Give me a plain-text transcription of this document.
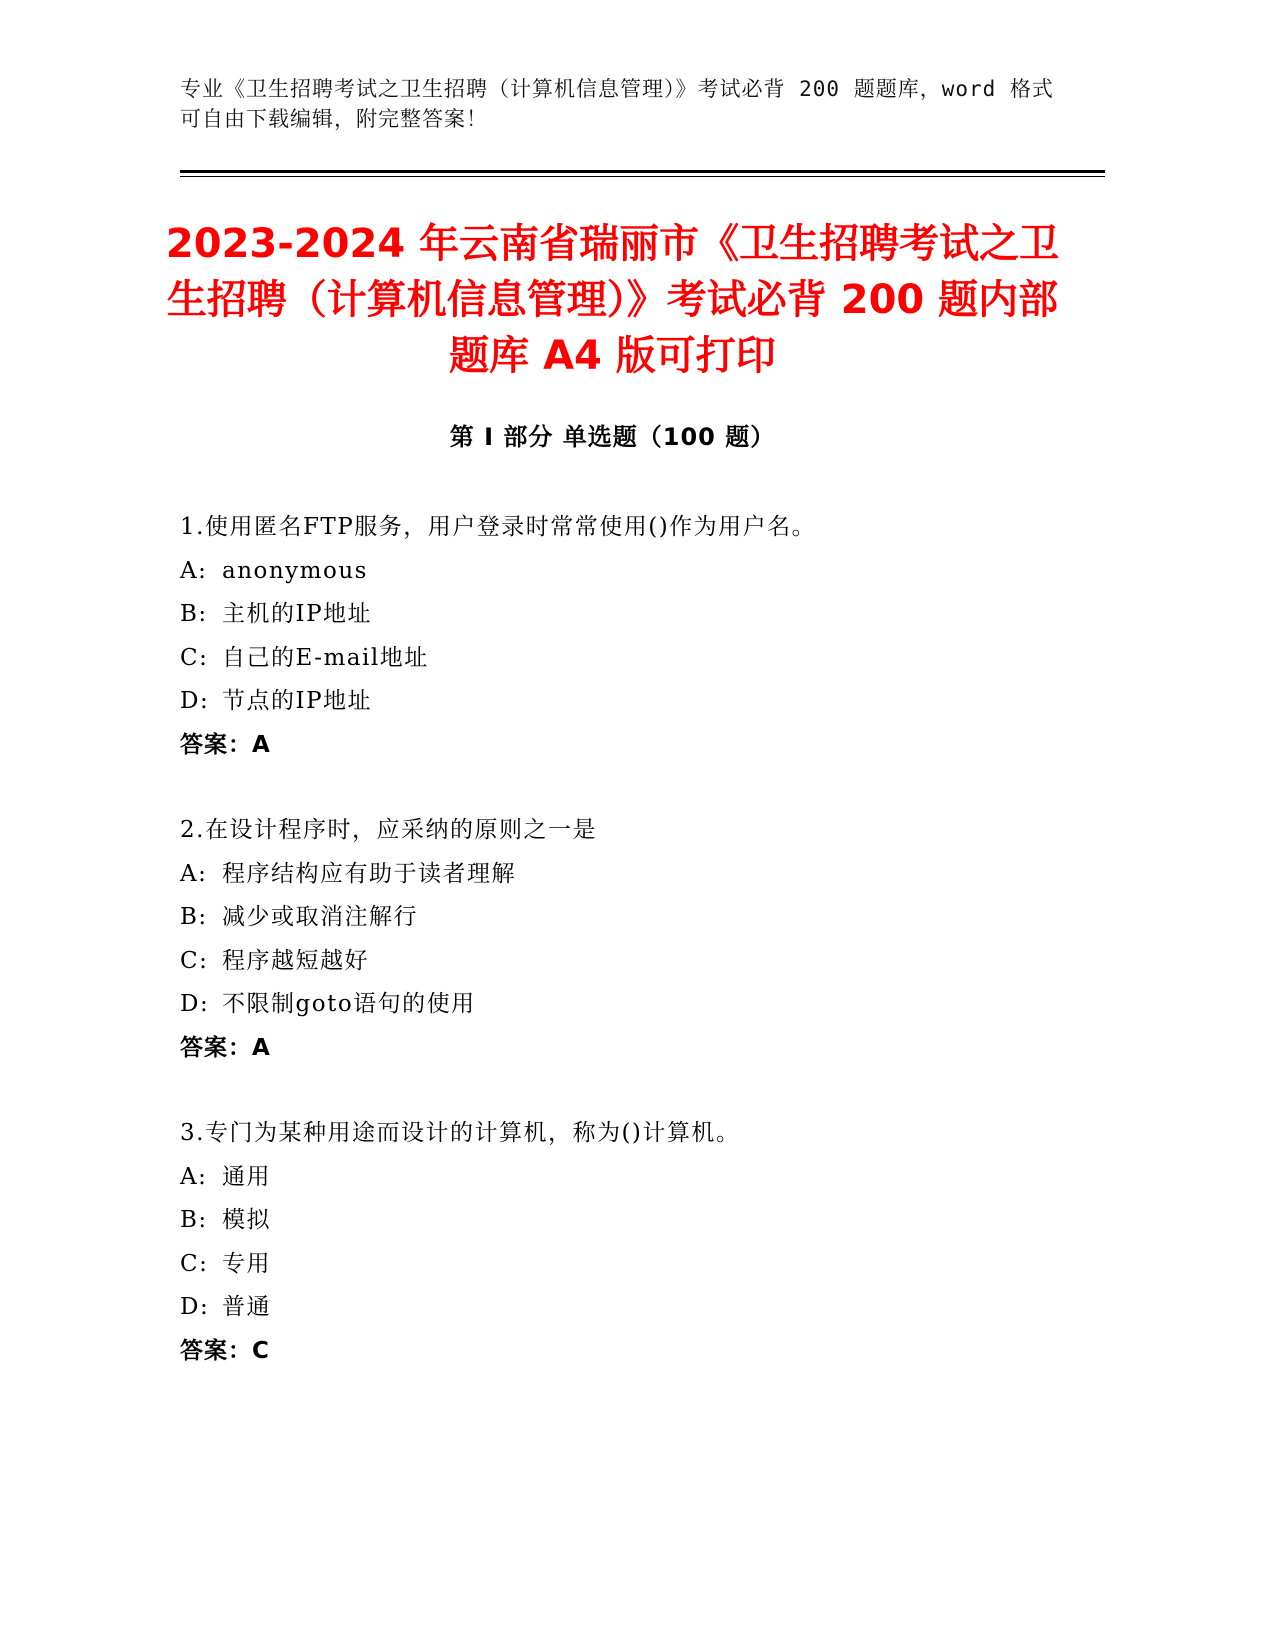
专业《卫生招聘考试之卫生招聘（计算机信息管理）》考试必背 200 题题库，word 格式可自由下载编辑，附完整答案！
2023-2024 年云南省瑞丽市《卫生招聘考试之卫生招聘（计算机信息管理）》考试必背 200 题内部题库 A4 版可打印
第 I 部分 单选题（100 题）
1.使用匿名FTP服务，用户登录时常常使用()作为用户名。
A: anonymous
B: 主机的IP地址
C: 自己的E-mail地址
D: 节点的IP地址
答案：A
2.在设计程序时，应采纳的原则之一是
A: 程序结构应有助于读者理解
B: 减少或取消注解行
C: 程序越短越好
D: 不限制goto语句的使用
答案：A
3.专门为某种用途而设计的计算机，称为()计算机。
A: 通用
B: 模拟
C: 专用
D: 普通
答案：C
